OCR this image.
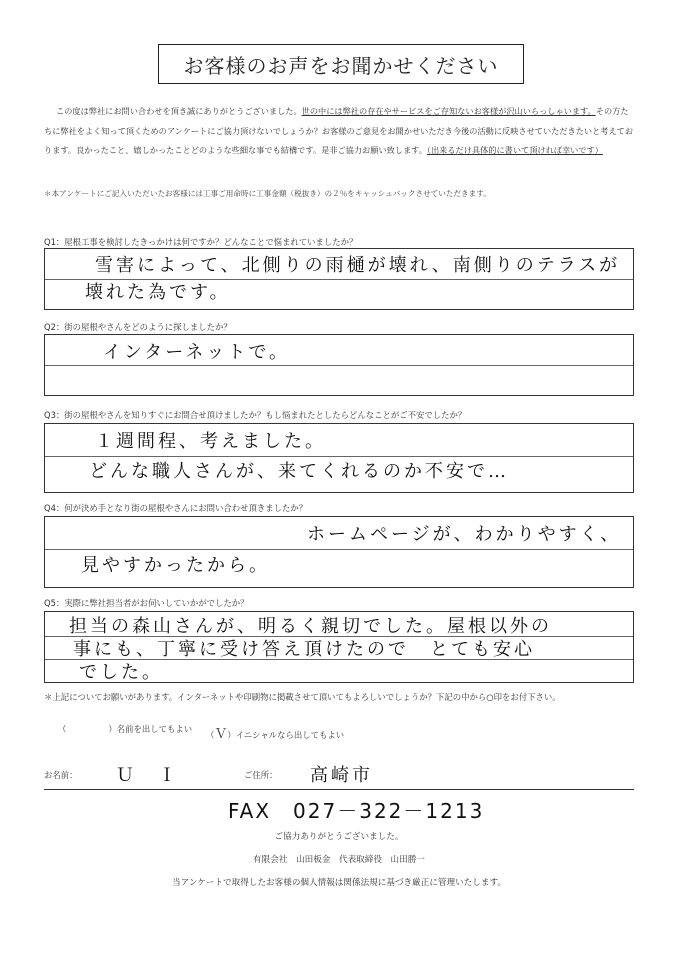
お客様のお声をお聞かせください
この度は弊社にお問い合わせを頂き誠にありがとうございました。世の中には弊社の存在やサービスをご存知ないお客様が沢山いらっしゃいます。その方たちに弊社をよく知って頂くためのアンケートにご協力頂けないでしょうか？お客様のご意見をお聞かせいただき今後の活動に反映させていただきたいと考えております。良かったこと、嬉しかったことどのような些細な事でも結構です。是非ご協力お願い致します。（出来るだけ具体的に書いて頂ければ幸いです）
＊本アンケートにご記入いただいたお客様には工事ご用命時に工事金額（税抜き）の２％をキャッシュバックさせていただきます。
Q1：屋根工事を検討したきっかけは何ですか？どんなことで悩まれていましたか？
雪害によって、北側りの雨樋が壊れ、南側りのテラスが
壊れた為です。
Q2：街の屋根やさんをどのように探しましたか？
インターネットで。
Q3：街の屋根やさんを知りすぐにお問合せ頂けましたか？もし悩まれたとしたらどんなことがご不安でしたか？
１週間程、考えました。
どんな職人さんが、来てくれるのか不安で…
Q4：何が決め手となり街の屋根やさんにお問い合わせ頂きましたか？
ホームページが、わかりやすく、
見やすかったから。
Q5：実際に弊社担当者がお伺いしていかがでしたか？
担当の森山さんが、明るく親切でした。屋根以外の
事にも、丁寧に受け答え頂けたので　とても安心
でした。
＊上記についてお願いがあります。インターネットや印刷物に掲載させて頂いてもよろしいでしょうか？下記の中から○印をお付下さい。
（	）名前を出してもよい
（Ｖ）イニシャルなら出してもよい
お名前： Ｕ　Ｉ	ご住所： 高崎市
FAX　027－322－1213
ご協力ありがとうございました。
有限会社　山田板金　代表取締役　山田勝一
当アンケートで取得したお客様の個人情報は関係法規に基づき厳正に管理いたします。
